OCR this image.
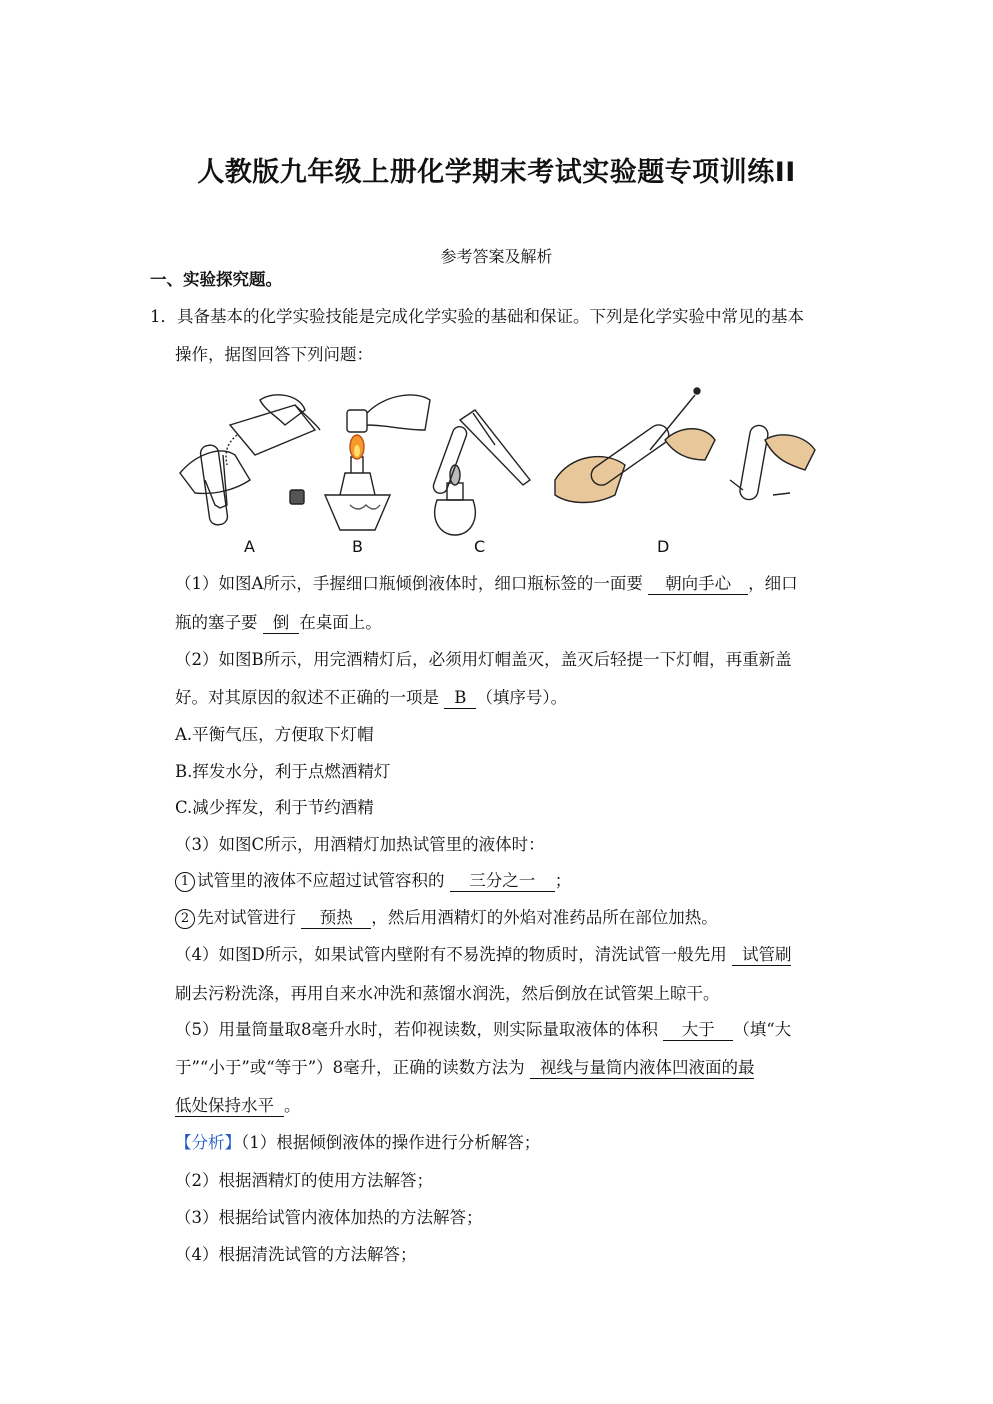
人教版九年级上册化学期末考试实验题专项训练II
参考答案及解析
一、实验探究题。
1．具备基本的化学实验技能是完成化学实验的基础和保证。下列是化学实验中常见的基本
操作，据图回答下列问题：
A	B	C	D
（1）如图A所示，手握细口瓶倾倒液体时，细口瓶标签的一面要 朝向手心 ，细口
瓶的塞子要 倒 在桌面上。
（2）如图B所示，用完酒精灯后，必须用灯帽盖灭，盖灭后轻提一下灯帽，再重新盖
好。对其原因的叙述不正确的一项是 B （填序号）。
A.平衡气压，方便取下灯帽
B.挥发水分，利于点燃酒精灯
C.减少挥发，利于节约酒精
（3）如图C所示，用酒精灯加热试管里的液体时：
1 试管里的液体不应超过试管容积的 三分之一 ；
2 先对试管进行 预热 ，然后用酒精灯的外焰对准药品所在部位加热。
（4）如图D所示，如果试管内壁附有不易洗掉的物质时，清洗试管一般先用 试管刷
刷去污粉洗涤，再用自来水冲洗和蒸馏水润洗，然后倒放在试管架上晾干。
（5）用量筒量取8毫升水时，若仰视读数，则实际量取液体的体积 大于 （填“大
于”“小于”或“等于”）8毫升，正确的读数方法为 视线与量筒内液体凹液面的最
低处保持水平 。
【分析】（1）根据倾倒液体的操作进行分析解答；
（2）根据酒精灯的使用方法解答；
（3）根据给试管内液体加热的方法解答；
（4）根据清洗试管的方法解答；
